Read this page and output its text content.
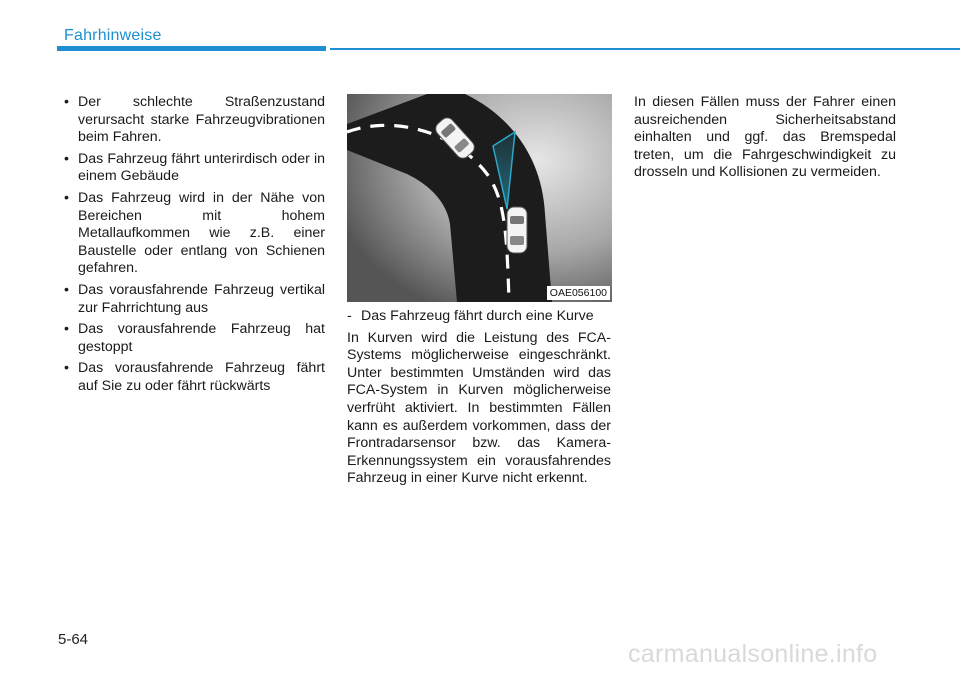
Fahrhinweise
• Der schlechte Straßenzustand verursacht starke Fahrzeugvibrationen beim Fahren.
• Das Fahrzeug fährt unterirdisch oder in einem Gebäude
• Das Fahrzeug wird in der Nähe von Bereichen mit hohem Metallaufkommen wie z.B. einer Baustelle oder entlang von Schienen gefahren.
• Das vorausfahrende Fahrzeug vertikal zur Fahrrichtung aus
• Das vorausfahrende Fahrzeug hat gestoppt
• Das vorausfahrende Fahrzeug fährt auf Sie zu oder fährt rückwärts
OAE056100
- Das Fahrzeug fährt durch eine Kurve

In Kurven wird die Leistung des FCA-Systems möglicherweise eingeschränkt. Unter bestimmten Umständen wird das FCA-System in Kurven möglicherweise verfrüht aktiviert. In bestimmten Fällen kann es außerdem vorkommen, dass der Frontradarsensor bzw. das Kamera-Erkennungssystem ein vorausfahrendes Fahrzeug in einer Kurve nicht erkennt.

In diesen Fällen muss der Fahrer einen ausreichenden Sicherheitsabstand einhalten und ggf. das Bremspedal treten, um die Fahrgeschwindigkeit zu drosseln und Kollisionen zu vermeiden.

5-64
carmanualsonline.info
